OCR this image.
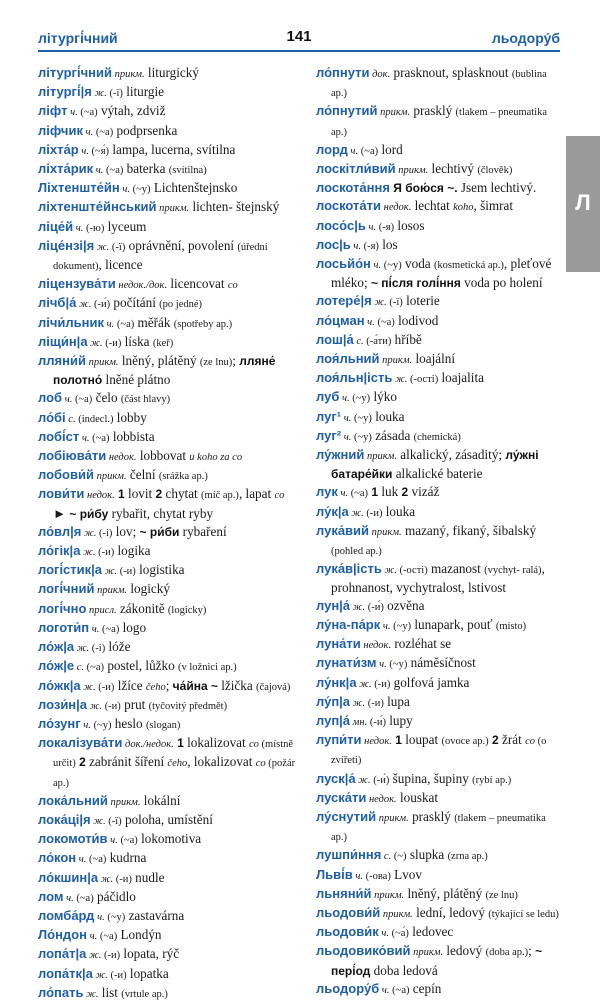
літургі́чний	141	льодору́б
Л
літургі́чний прикм. liturgický
літургі́|я ж. (-ї) liturgie
ліфт ч. (~а) výtah, zdviž
ліфчик ч. (~а) podprsenka
ліхта́р ч. (~я́) lampa, lucerna, svítilna
ліхта́рик ч. (~а) baterka (svítilna)
Ліхтенште́йн ч. (~у) Lichtenštejnsko
ліхтенште́йнський прикм. lichten- štejnský
ліце́й ч. (-ю) lyceum
ліце́нзі|я ж. (-ї) oprávnění, povolení (úřední dokument), licence
ліцензува́ти недок./док. licencovat co
лічб|а́ ж. (-и́) počítání (po jedné)
лічи́льник ч. (~а) měřák (spotřeby ap.)
ліщи́н|а ж. (-и) líska (keř)
лляни́й прикм. lněný, plátěný (ze lnu); лляне́ полотно́ lněné plátno
лоб ч. (~а) čelo (část hlavy)
ло́бі с. (indecl.) lobby
лобі́ст ч. (~а) lobbista
лобіюва́ти недок. lobbovat u koho za co
лобови́й прикм. čelní (srážka ap.)
лови́ти недок. 1 lovit 2 chytat (míč ap.), lapat co ► ~ ри́бу rybařit, chytat ryby
ло́вл|я ж. (-і) lov; ~ ри́би rybaření
ло́гік|а ж. (-и) logika
логі́стик|а ж. (-и) logistika
логі́чний прикм. logický
логі́чно присл. zákonitě (logicky)
логоти́п ч. (~а) logo
ло́ж|а ж. (-і) lóže
ло́ж|е с. (~а) postel, lůžko (v ložnici ap.)
ло́жк|а ж. (-и) lžíce čeho; ча́йна ~ lžička (čajová)
лози́н|а ж. (-и) prut (tyčovitý předmět)
ло́зунг ч. (~у) heslo (slogan)
локалізува́ти док./недок. 1 lokalizovat co (místně určit) 2 zabránit šíření čeho, lokalizovat co (požár ap.)
лока́льний прикм. lokální
лока́ці|я ж. (-ї) poloha, umístění
локомоти́в ч. (~а) lokomotiva
ло́кон ч. (~а) kudrna
ло́кшин|а ж. (-и) nudle
лом ч. (~а) páčidlo
ломба́рд ч. (~у) zastavárna
Ло́ндон ч. (~а) Londýn
лопа́т|а ж. (-и) lopata, rýč
лопа́тк|а ж. (-и) lopatka
ло́пать ж. list (vrtule ap.)
ло́пнути док. prasknout, splasknout (bublina ap.)
ло́пнутий прикм. prasklý (tlakem – pneumatika ap.)
лорд ч. (~а) lord
лоскітли́вий прикм. lechtivý (člověk)
лоскота́ння Я бою́ся ~. Jsem lechtivý.
лоскота́ти недок. lechtat koho, šimrat
лосо́с|ь ч. (-я) losos
лос|ь ч. (-я) los
лосьйо́н ч. (~у) voda (kosmetická ap.), pleťové mléko; ~ пі́сля голі́ння voda po holení
лотере́|я ж. (-ї) loterie
ло́цман ч. (~а) lodivod
лош|а́ с. (-а́ти) hříbě
лоя́льний прикм. loajální
лоя́льн|ість ж. (-ості) loajalita
луб ч. (~у) lýko
луг¹ ч. (~у) louka
луг² ч. (~у) zásada (chemická)
лу́жний прикм. alkalický, zásaditý; лу́жні батаре́йки alkalické baterie
лук ч. (~а) 1 luk 2 vizáž
лу́к|а ж. (-и) louka
лука́вий прикм. mazaný, fikaný, šibalský (pohled ap.)
лука́в|ість ж. (-ості) mazanost (vychyt- ralá), prohnanost, vychytralost, lstivost
лун|а́ ж. (-и́) ozvěna
лу́на-па́рк ч. (~у) lunapark, pouť (místo)
луна́ти недок. rozléhat se
лунати́зм ч. (~у) náměsíčnost
лу́нк|а ж. (-и) golfová jamka
лу́п|а ж. (-и) lupa
луп|а́ мн. (-и́) lupy
лупи́ти недок. 1 loupat (ovoce ap.) 2 žrát co (o zvířeti)
луск|а́ ж. (-и́) šupina, šupiny (rybí ap.)
луска́ти недок. louskat
лу́снутий прикм. prasklý (tlakem – pneumatika ap.)
лушпи́ння с. (~) slupka (zrna ap.)
Льві́в ч. (-ова) Lvov
льняни́й прикм. lněný, plátěný (ze lnu)
льодови́й прикм. lední, ledový (týkající se ledu)
льодови́к ч. (~а́) ledovec
льодовико́вий прикм. ledový (doba ap.); ~ пері́од doba ledová
льодору́б ч. (~а) cepín
